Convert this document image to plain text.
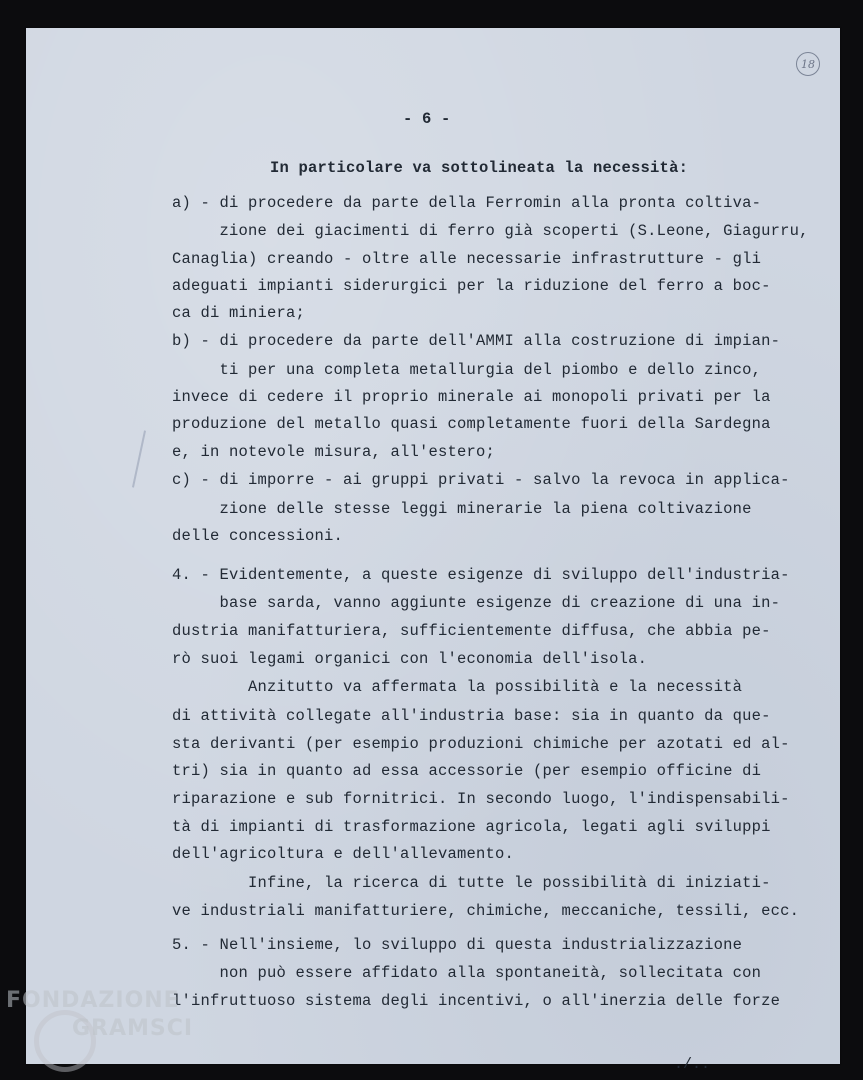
18
- 6 -
In particolare va sottolineata la necessità:
a) - di procedere da parte della Ferromin alla pronta coltiva-
zione dei giacimenti di ferro già scoperti (S.Leone, Giagurru,
Canaglia) creando - oltre alle necessarie infrastrutture - gli
adeguati impianti siderurgici per la riduzione del ferro a boc-
ca di miniera;
b) - di procedere da parte dell'AMMI alla costruzione di impian-
ti per una completa metallurgia del piombo e dello zinco,
invece di cedere il proprio minerale ai monopoli privati per la
produzione del metallo quasi completamente fuori della Sardegna
e, in notevole misura, all'estero;
c) - di imporre - ai gruppi privati - salvo la revoca in applica-
zione delle stesse leggi minerarie la piena coltivazione
delle concessioni.
4. - Evidentemente, a queste esigenze di sviluppo dell'industria-
base sarda, vanno aggiunte esigenze di creazione di una in-
dustria manifatturiera, sufficientemente diffusa, che abbia pe-
rò suoi legami organici con l'economia dell'isola.
Anzitutto va affermata la possibilità e la necessità
di attività collegate all'industria base: sia in quanto da que-
sta derivanti (per esempio produzioni chimiche per azotati ed al-
tri) sia in quanto ad essa accessorie (per esempio officine di
riparazione e sub fornitrici. In secondo luogo, l'indispensabili-
tà di impianti di trasformazione agricola, legati agli sviluppi
dell'agricoltura e dell'allevamento.
Infine, la ricerca di tutte le possibilità di iniziati-
ve industriali manifatturiere, chimiche, meccaniche, tessili, ecc.
5. - Nell'insieme, lo sviluppo di questa industrializzazione
non può essere affidato alla spontaneità, sollecitata con
l'infruttuoso sistema degli incentivi, o all'inerzia delle forze
./..
FONDAZIONE
GRAMSCI
